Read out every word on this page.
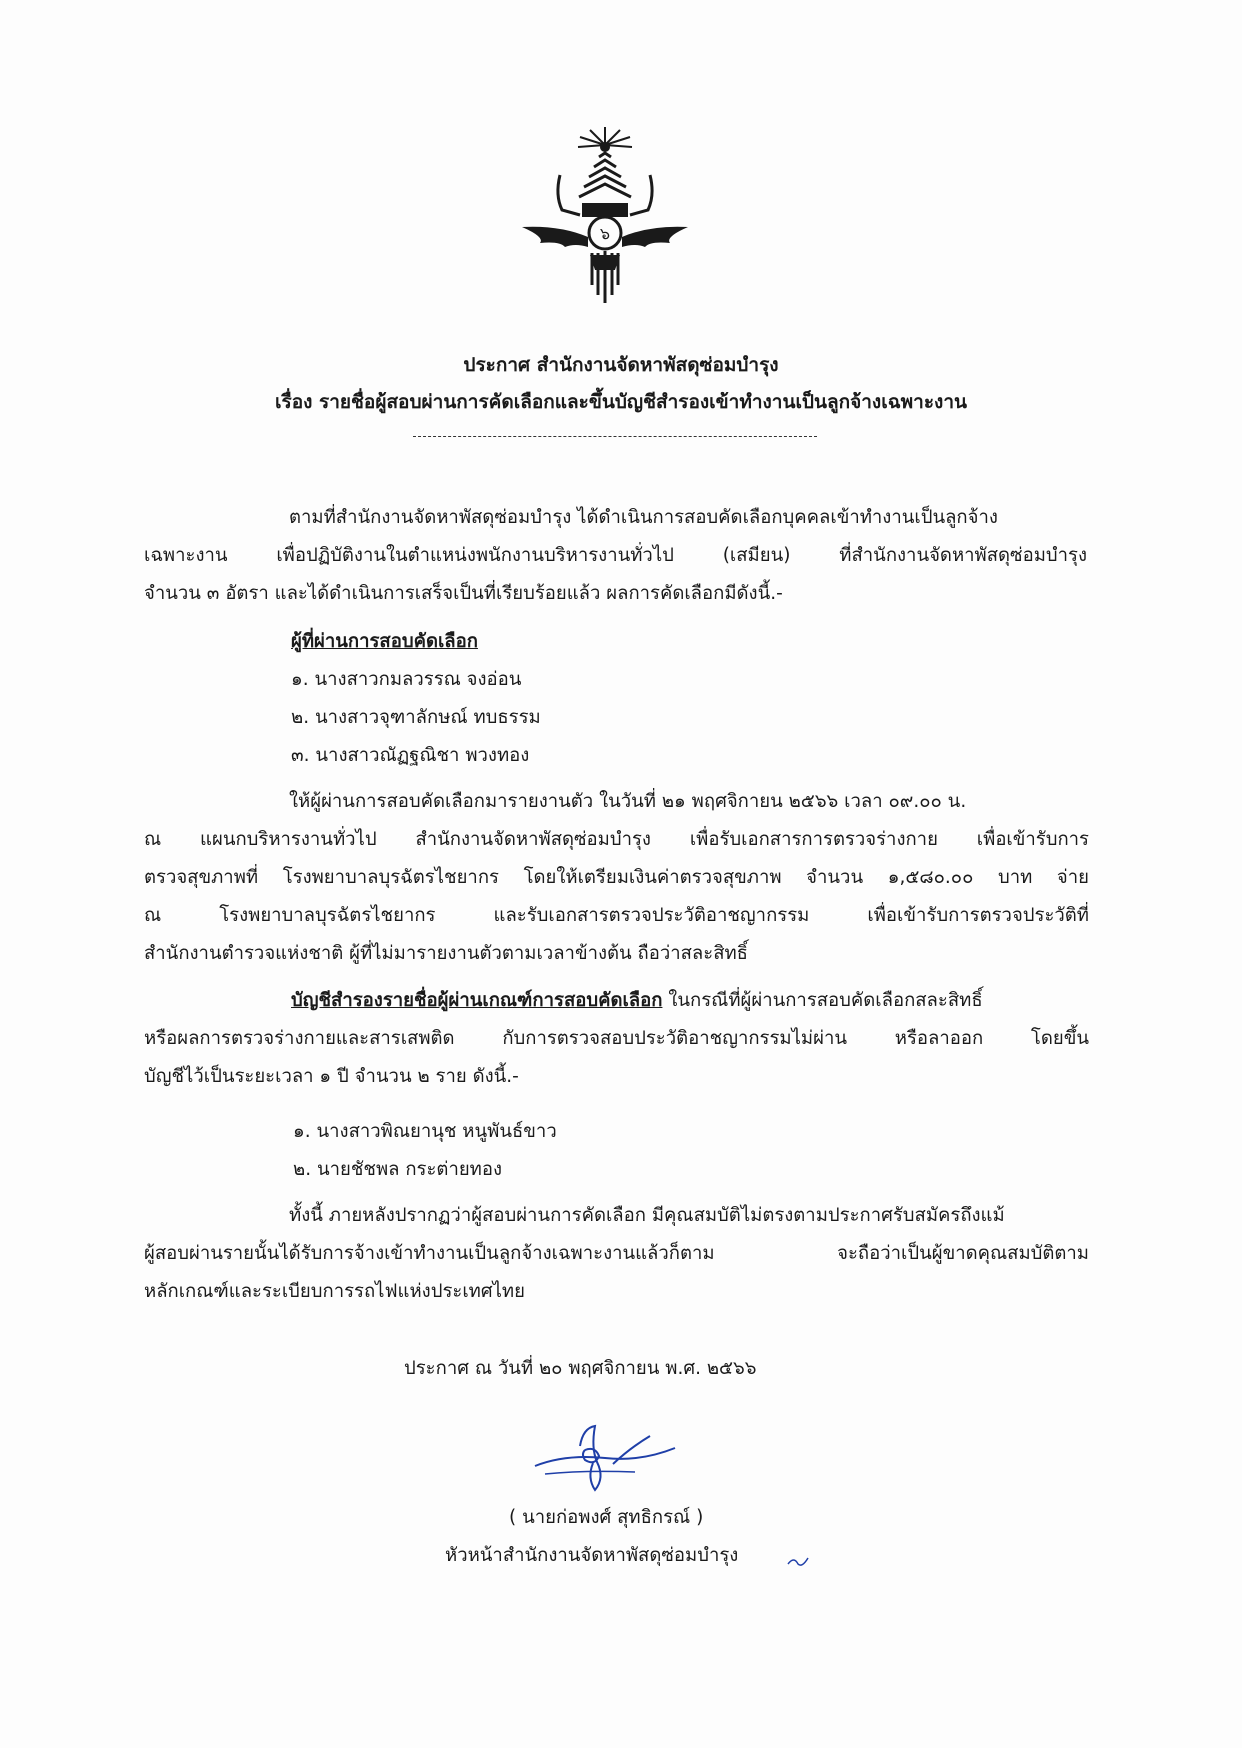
๖
ประกาศ สำนักงานจัดหาพัสดุซ่อมบำรุง
เรื่อง รายชื่อผู้สอบผ่านการคัดเลือกและขึ้นบัญชีสำรองเข้าทำงานเป็นลูกจ้างเฉพาะงาน
ตามที่สำนักงานจัดหาพัสดุซ่อมบำรุง ได้ดำเนินการสอบคัดเลือกบุคคลเข้าทำงานเป็นลูกจ้าง
เฉพาะงาน เพื่อปฏิบัติงานในตำแหน่งพนักงานบริหารงานทั่วไป (เสมียน) ที่สำนักงานจัดหาพัสดุซ่อมบำรุง
จำนวน ๓ อัตรา และได้ดำเนินการเสร็จเป็นที่เรียบร้อยแล้ว ผลการคัดเลือกมีดังนี้.-
ผู้ที่ผ่านการสอบคัดเลือก
๑. นางสาวกมลวรรณ จงอ่อน
๒. นางสาวจุฑาลักษณ์ ทบธรรม
๓. นางสาวณัฏฐณิชา พวงทอง
ให้ผู้ผ่านการสอบคัดเลือกมารายงานตัว ในวันที่ ๒๑ พฤศจิกายน ๒๕๖๖ เวลา ๐๙.๐๐ น.
ณ แผนกบริหารงานทั่วไป สำนักงานจัดหาพัสดุซ่อมบำรุง เพื่อรับเอกสารการตรวจร่างกาย เพื่อเข้ารับการ
ตรวจสุขภาพที่ โรงพยาบาลบุรฉัตรไชยากร โดยให้เตรียมเงินค่าตรวจสุขภาพ จำนวน ๑,๕๘๐.๐๐ บาท จ่าย
ณ โรงพยาบาลบุรฉัตรไชยากร และรับเอกสารตรวจประวัติอาชญากรรม เพื่อเข้ารับการตรวจประวัติที่
สำนักงานตำรวจแห่งชาติ ผู้ที่ไม่มารายงานตัวตามเวลาข้างต้น ถือว่าสละสิทธิ์
บัญชีสำรองรายชื่อผู้ผ่านเกณฑ์การสอบคัดเลือก ในกรณีที่ผู้ผ่านการสอบคัดเลือกสละสิทธิ์
หรือผลการตรวจร่างกายและสารเสพติด กับการตรวจสอบประวัติอาชญากรรมไม่ผ่าน หรือลาออก โดยขึ้น
บัญชีไว้เป็นระยะเวลา ๑ ปี จำนวน ๒ ราย ดังนี้.-
๑. นางสาวพิณยานุช หนูพันธ์ขาว
๒. นายชัชพล กระต่ายทอง
ทั้งนี้ ภายหลังปรากฏว่าผู้สอบผ่านการคัดเลือก มีคุณสมบัติไม่ตรงตามประกาศรับสมัครถึงแม้
ผู้สอบผ่านรายนั้นได้รับการจ้างเข้าทำงานเป็นลูกจ้างเฉพาะงานแล้วก็ตาม จะถือว่าเป็นผู้ขาดคุณสมบัติตาม
หลักเกณฑ์และระเบียบการรถไฟแห่งประเทศไทย
ประกาศ ณ วันที่ ๒๐ พฤศจิกายน พ.ศ. ๒๕๖๖
( นายก่อพงศ์ สุทธิกรณ์ )
หัวหน้าสำนักงานจัดหาพัสดุซ่อมบำรุง
